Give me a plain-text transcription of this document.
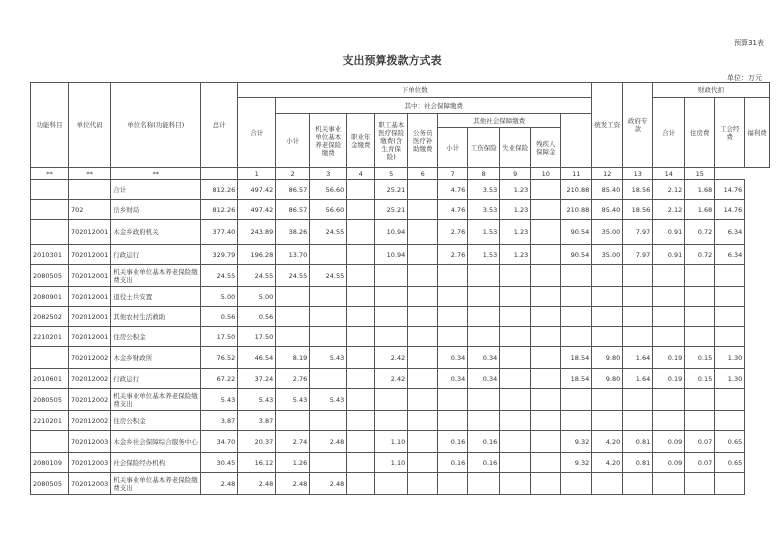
预算31表
支出预算拨款方式表
单位：万元
功能科目	单位代码	单位名称(功能科目)	总计	下单位数											统发工资	政府专款	财政代扣			
				合计	其中：社会保障缴费												合计	住房费	工会经费	福利费
					小计	机关事业单位基本养老保险缴费	职业年金缴费	职工基本医疗保险缴费(含生育保险)	公务员医疗补助缴费	其他社会保障缴费										
										小计	工伤保险	失业保险	残疾人保障金							
**	**	**		1	2	3	4	5	6	7	8	9	10	11	12	13	14	15		
		合计	812.26	497.42	86.57	56.60		25.21		4.76	3.53	1.23		210.88	85.40	18.56	2.12	1.68	14.76	
	702	岳乡财局	812.26	497.42	86.57	56.60		25.21		4.76	3.53	1.23		210.88	85.40	18.56	2.12	1.68	14.76	
	702012001	木金乡政府机关	377.40	243.89	38.26	24.55		10.94		2.76	1.53	1.23		90.54	35.00	7.97	0.91	0.72	6.34	
2010301	702012001	行政运行	329.79	196.28	13.70			10.94		2.76	1.53	1.23		90.54	35.00	7.97	0.91	0.72	6.34	
2080505	702012001	机关事业单位基本养老保险缴费支出	24.55	24.55	24.55	24.55														
2080901	702012001	退役士兵安置	5.00	5.00																
2082502	702012001	其他农村生活救助	0.56	0.56																
2210201	702012001	住房公积金	17.50	17.50																
	702012002	木金乡财政所	76.52	46.54	8.19	5.43		2.42		0.34	0.34			18.54	9.80	1.64	0.19	0.15	1.30	
2010601	702012002	行政运行	67.22	37.24	2.76			2.42		0.34	0.34			18.54	9.80	1.64	0.19	0.15	1.30	
2080505	702012002	机关事业单位基本养老保险缴费支出	5.43	5.43	5.43	5.43														
2210201	702012002	住房公积金	3.87	3.87																
	702012003	木金乡社会保障综合服务中心	34.70	20.37	2.74	2.48		1.10		0.16	0.16			9.32	4.20	0.81	0.09	0.07	0.65	
2080109	702012003	社会保险经办机构	30.45	16.12	1.26			1.10		0.16	0.16			9.32	4.20	0.81	0.09	0.07	0.65	
2080505	702012003	机关事业单位基本养老保险缴费支出	2.48	2.48	2.48	2.48														
